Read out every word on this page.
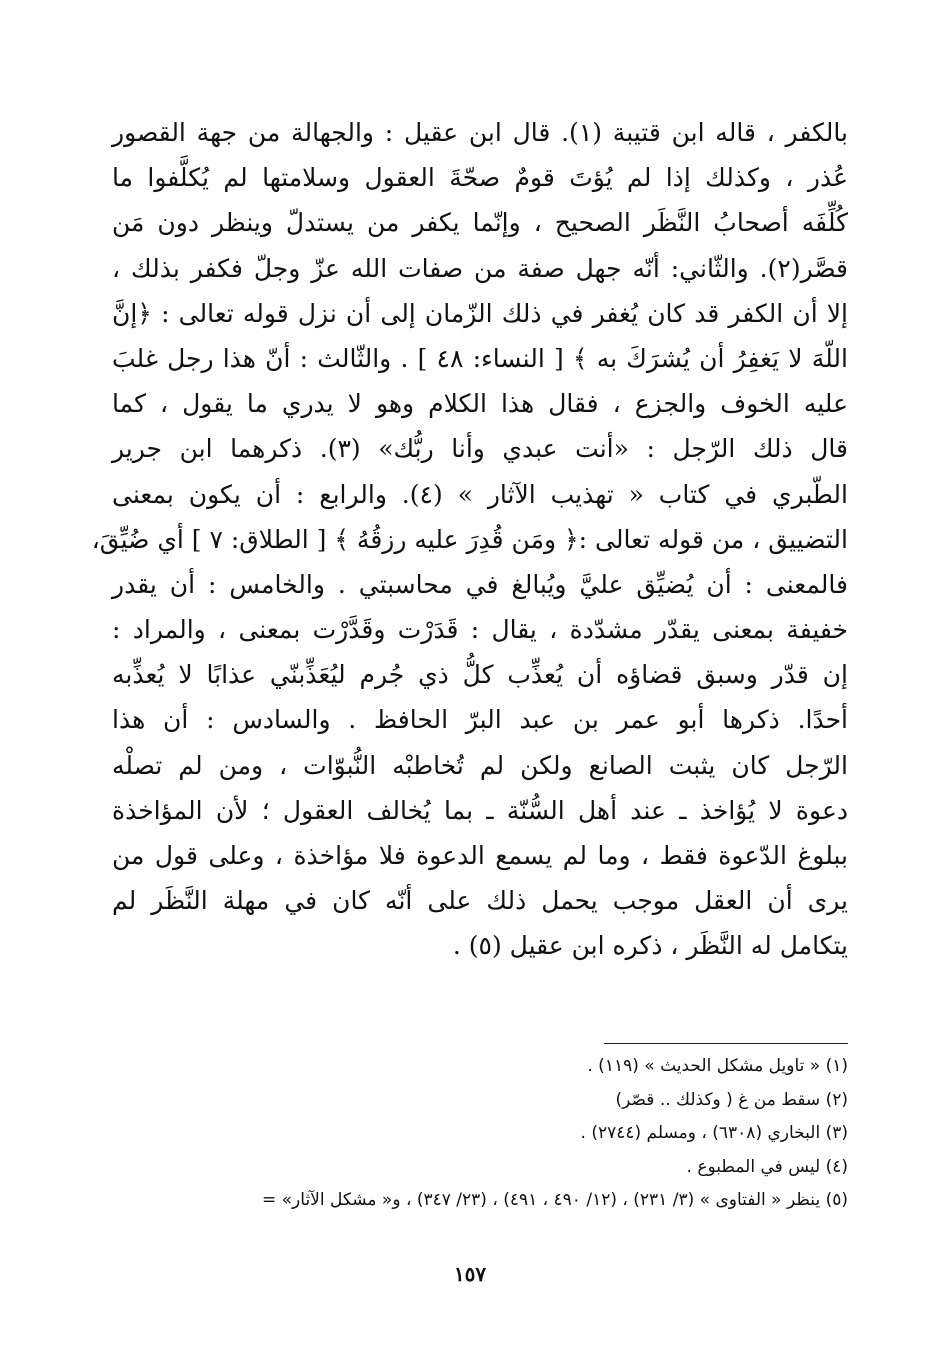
بالكفر ، قاله ابن قتيبة (١). قال ابن عقيل : والجهالة من جهة القصور
عُذر ، وكذلك إذا لم يُؤتَ قومٌ صحّةَ العقول وسلامتها لم يُكلَّفوا ما
كُلِّفَه أصحابُ النَّظَر الصحيح ، وإنّما يكفر من يستدلّ وينظر دون مَن
قصَّر(٢). والثّاني: أنّه جهل صفة من صفات الله عزّ وجلّ فكفر بذلك ،
إلا أن الكفر قد كان يُغفر في ذلك الزّمان إلى أن نزل قوله تعالى : ﴿إنَّ
اللّهَ لا يَغفِرُ أن يُشرَكَ به ﴾ [ النساء: ٤٨ ] . والثّالث : أنّ هذا رجل غلبَ
عليه الخوف والجزع ، فقال هذا الكلام وهو لا يدري ما يقول ، كما
قال ذلك الرّجل : «أنت عبدي وأنا ربُّك» (٣). ذكرهما ابن جرير
الطّبري في كتاب « تهذيب الآثار » (٤). والرابع : أن يكون بمعنى
التضييق ، من قوله تعالى :﴿ ومَن قُدِرَ عليه رزقُهُ ﴾ [ الطلاق: ٧ ] أي ضُيِّقَ،
فالمعنى : أن يُضيِّق عليَّ ويُبالغ في محاسبتي . والخامس : أن يقدر
خفيفة بمعنى يقدّر مشدّدة ، يقال : قَدَرْت وقَدَّرْت بمعنى ، والمراد :
إن قدّر وسبق قضاؤه أن يُعذِّب كلُّ ذي جُرم ليُعَذِّبنّي عذابًا لا يُعذِّبه
أحدًا. ذكرها أبو عمر بن عبد البرّ الحافظ . والسادس : أن هذا
الرّجل كان يثبت الصانع ولكن لم تُخاطبْه النُّبوّات ، ومن لم تصلْه
دعوة لا يُؤاخذ ـ عند أهل السُّنّة ـ بما يُخالف العقول ؛ لأن المؤاخذة
ببلوغ الدّعوة فقط ، وما لم يسمع الدعوة فلا مؤاخذة ، وعلى قول من
يرى أن العقل موجب يحمل ذلك على أنّه كان في مهلة النَّظَر لم
يتكامل له النَّظَر ، ذكره ابن عقيل (٥) .
(١) « تاويل مشكل الحديث » (١١٩) .
(٢) سقط من غ ( وكذلك .. قصّر)
(٣) البخاري (٦٣٠٨) ، ومسلم (٢٧٤٤) .
(٤) ليس في المطبوع .
(٥) ينظر « الفتاوى » (٣/ ٢٣١) ، (١٢/ ٤٩٠ ، ٤٩١) ، (٢٣/ ٣٤٧) ، و« مشكل الآثار» =
١٥٧
